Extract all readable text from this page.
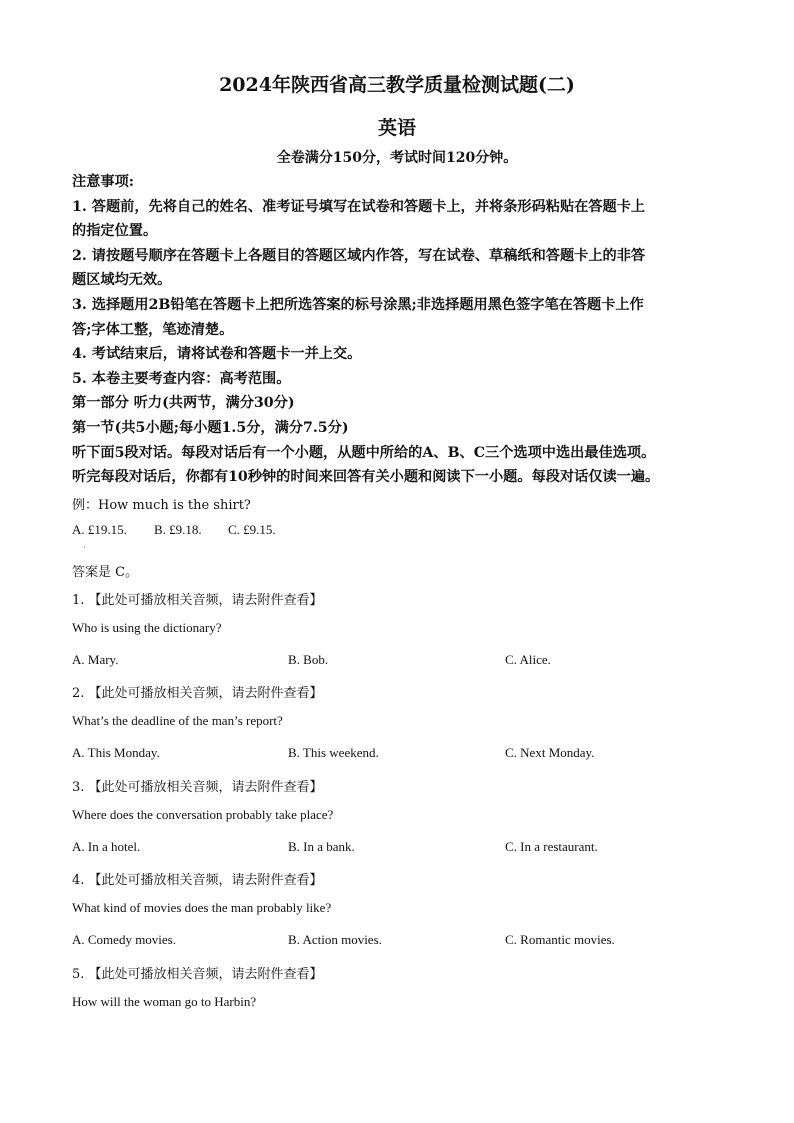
2024年陕西省高三教学质量检测试题(二)
英语
全卷满分150分，考试时间120分钟。
注意事项:
1. 答题前，先将自己的姓名、准考证号填写在试卷和答题卡上，并将条形码粘贴在答题卡上
的指定位置。
2. 请按题号顺序在答题卡上各题目的答题区域内作答，写在试卷、草稿纸和答题卡上的非答
题区域均无效。
3. 选择题用2B铅笔在答题卡上把所选答案的标号涂黑;非选择题用黑色签字笔在答题卡上作
答;字体工整，笔迹清楚。
4. 考试结束后，请将试卷和答题卡一并上交。
5. 本卷主要考查内容：高考范围。
第一部分 听力(共两节，满分30分)
第一节(共5小题;每小题1.5分，满分7.5分)
听下面5段对话。每段对话后有一个小题，从题中所给的A、B、C三个选项中选出最佳选项。
听完每段对话后，你都有10秒钟的时间来回答有关小题和阅读下一小题。每段对话仅读一遍。
例：How much is the shirt?
A. £19.15. B. £9.18. C. £9.15.
·
答案是 C。
1. 【此处可播放相关音频，请去附件查看】
Who is using the dictionary?
A. Mary.	B. Bob.	C. Alice.
2. 【此处可播放相关音频，请去附件查看】
What’s the deadline of the man’s report?
A. This Monday.	B. This weekend.	C. Next Monday.
3. 【此处可播放相关音频，请去附件查看】
Where does the conversation probably take place?
A. In a hotel.	B. In a bank.	C. In a restaurant.
4. 【此处可播放相关音频，请去附件查看】
What kind of movies does the man probably like?
A. Comedy movies.	B. Action movies.	C. Romantic movies.
5. 【此处可播放相关音频，请去附件查看】
How will the woman go to Harbin?
